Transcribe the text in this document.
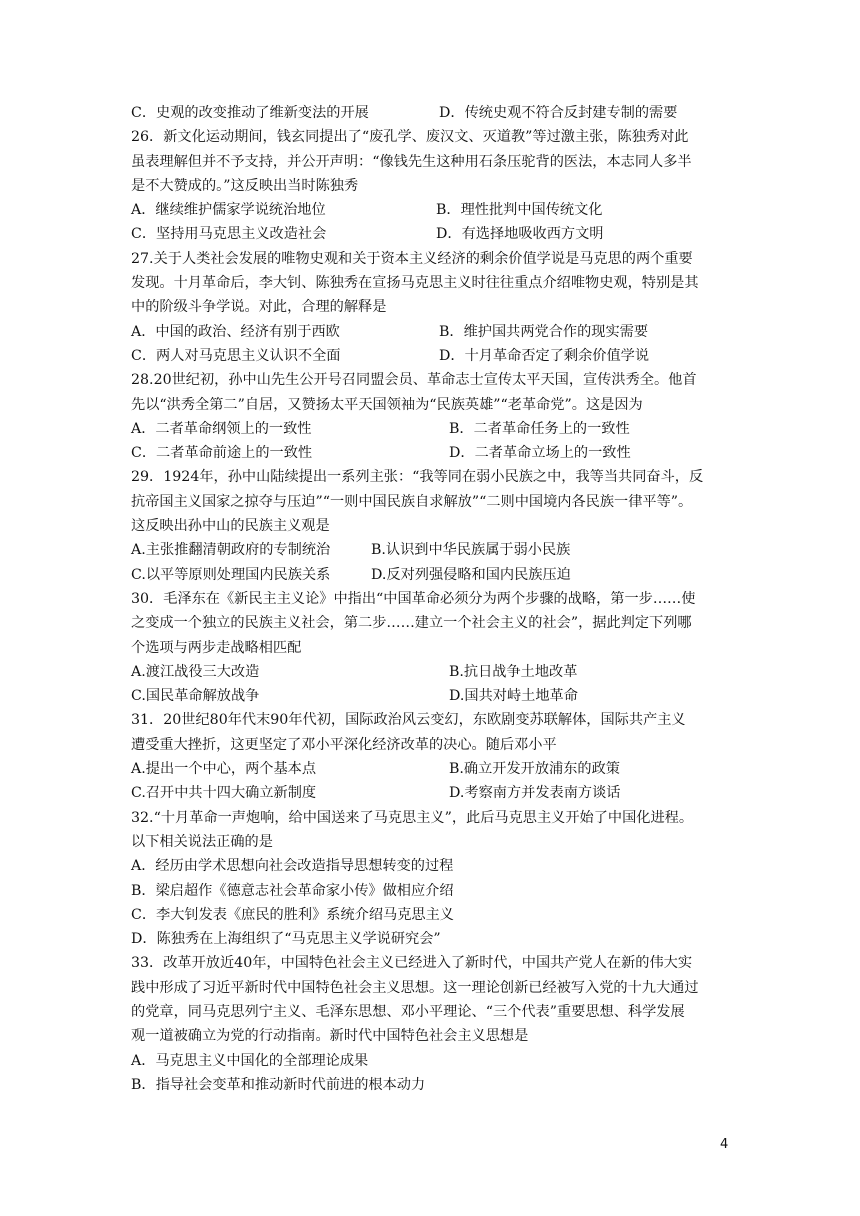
C．史观的改变推动了维新变法的开展	D．传统史观不符合反封建专制的需要
26．新文化运动期间，钱玄同提出了“废孔学、废汉文、灭道教”等过激主张，陈独秀对此
虽表理解但并不予支持，并公开声明：“像钱先生这种用石条压驼背的医法，本志同人多半
是不大赞成的。”这反映出当时陈独秀
A．继续维护儒家学说统治地位	B．理性批判中国传统文化
C．坚持用马克思主义改造社会	D．有选择地吸收西方文明
27.关于人类社会发展的唯物史观和关于资本主义经济的剩余价值学说是马克思的两个重要
发现。十月革命后，李大钊、陈独秀在宣扬马克思主义时往往重点介绍唯物史观，特别是其
中的阶级斗争学说。对此，合理的解释是
A．中国的政治、经济有别于西欧	B．维护国共两党合作的现实需要
C．两人对马克思主义认识不全面	D．十月革命否定了剩余价值学说
28.20世纪初，孙中山先生公开号召同盟会员、革命志士宣传太平天国，宣传洪秀全。他首
先以“洪秀全第二”自居，又赞扬太平天国领袖为“民族英雄”“老革命党”。这是因为
A．二者革命纲领上的一致性	B．二者革命任务上的一致性
C．二者革命前途上的一致性	D．二者革命立场上的一致性
29．1924年，孙中山陆续提出一系列主张：“我等同在弱小民族之中，我等当共同奋斗，反
抗帝国主义国家之掠夺与压迫”“一则中国民族自求解放”“二则中国境内各民族一律平等”。
这反映出孙中山的民族主义观是
A.主张推翻清朝政府的专制统治	B.认识到中华民族属于弱小民族
C.以平等原则处理国内民族关系	D.反对列强侵略和国内民族压迫
30．毛泽东在《新民主主义论》中指出“中国革命必须分为两个步骤的战略，第一步……使
之变成一个独立的民族主义社会，第二步……建立一个社会主义的社会”，据此判定下列哪
个选项与两步走战略相匹配
A.渡江战役三大改造	B.抗日战争土地改革
C.国民革命解放战争	D.国共对峙土地革命
31．20世纪80年代末90年代初，国际政治风云变幻，东欧剧变苏联解体，国际共产主义
遭受重大挫折，这更坚定了邓小平深化经济改革的决心。随后邓小平
A.提出一个中心，两个基本点	B.确立开发开放浦东的政策
C.召开中共十四大确立新制度	D.考察南方并发表南方谈话
32.“十月革命一声炮响，给中国送来了马克思主义”，此后马克思主义开始了中国化进程。
以下相关说法正确的是
A．经历由学术思想向社会改造指导思想转变的过程
B．梁启超作《德意志社会革命家小传》做相应介绍
C．李大钊发表《庶民的胜利》系统介绍马克思主义
D．陈独秀在上海组织了“马克思主义学说研究会”
33．改革开放近40年，中国特色社会主义已经进入了新时代，中国共产党人在新的伟大实
践中形成了习近平新时代中国特色社会主义思想。这一理论创新已经被写入党的十九大通过
的党章，同马克思列宁主义、毛泽东思想、邓小平理论、“三个代表”重要思想、科学发展
观一道被确立为党的行动指南。新时代中国特色社会主义思想是
A．马克思主义中国化的全部理论成果
B．指导社会变革和推动新时代前进的根本动力
4
